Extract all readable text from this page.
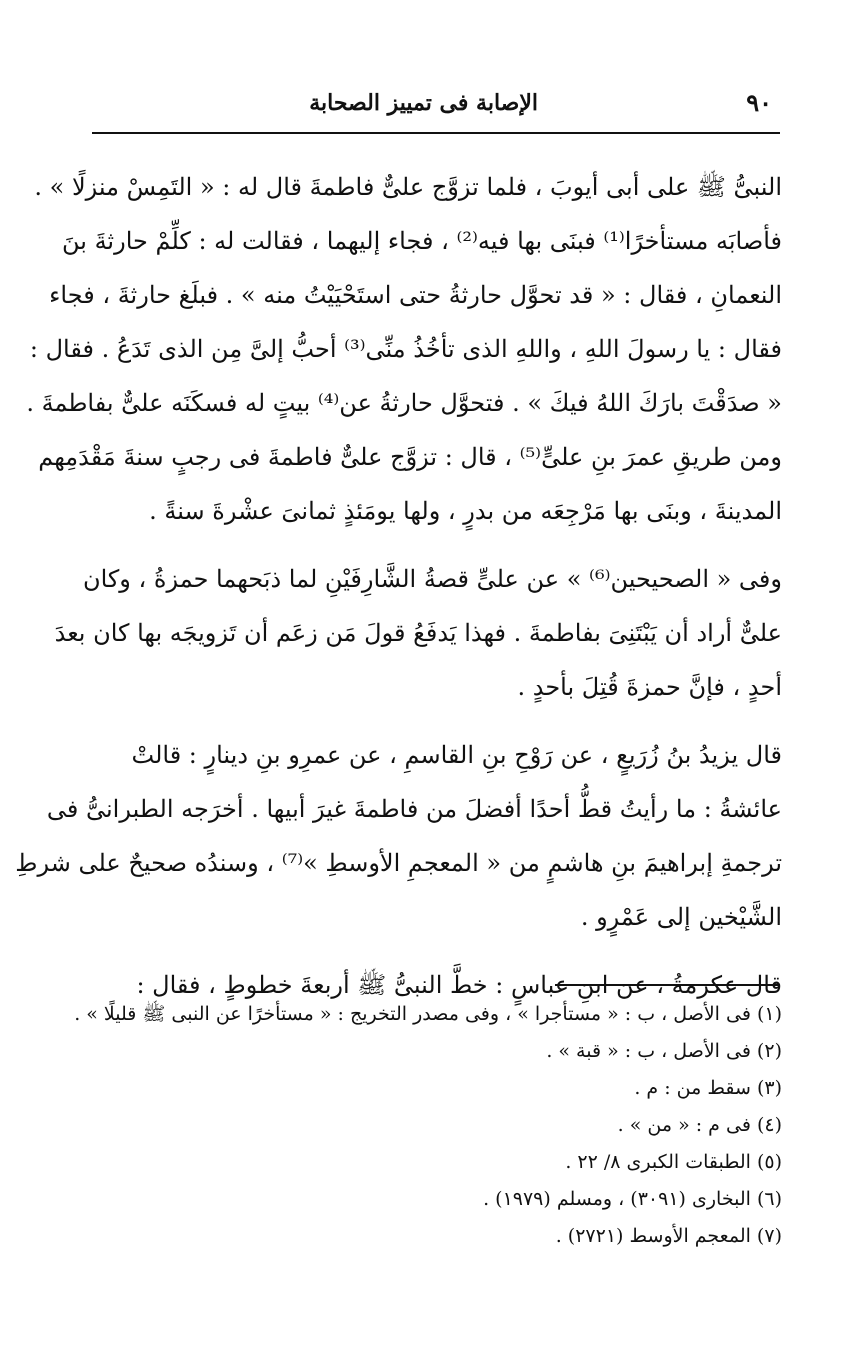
٩٠
الإصابة فى تمييز الصحابة
النبىُّ ﷺ على أبى أيوبَ ، فلما تزوَّج علىٌّ فاطمةَ قال له : « التَمِسْ منزلًا » .
فأصابَه مستأخرًا⁽¹⁾ فبنَى بها فيه⁽²⁾ ، فجاء إليهما ، فقالت له : كلِّمْ حارثةَ بنَ
النعمانِ ، فقال : « قد تحوَّل حارثةُ حتى استَحْيَيْتُ منه » . فبلَغ حارثةَ ، فجاء
فقال : يا رسولَ اللهِ ، واللهِ الذى تأخُذُ منِّى⁽³⁾ أحبُّ إلىَّ مِن الذى تَدَعُ . فقال :
« صدَقْتَ بارَكَ اللهُ فيكَ » . فتحوَّل حارثةُ عن⁽⁴⁾ بيتٍ له فسكَنَه علىٌّ بفاطمةَ .
ومن طريقِ عمرَ بنِ علىٍّ⁽⁵⁾ ، قال : تزوَّج علىٌّ فاطمةَ فى رجبٍ سنةَ مَقْدَمِهم
المدينةَ ، وبنَى بها مَرْجِعَه من بدرٍ ، ولها يومَئذٍ ثمانىَ عشْرةَ سنةً .
وفى « الصحيحين⁽⁶⁾ » عن علىٍّ قصةُ الشَّارِفَيْنِ لما ذبَحهما حمزةُ ، وكان
علىٌّ أراد أن يَبْتَنِىَ بفاطمةَ . فهذا يَدفَعُ قولَ مَن زعَم أن تَزويجَه بها كان بعدَ
أحدٍ ، فإنَّ حمزةَ قُتِلَ بأحدٍ .
قال يزيدُ بنُ زُرَيعٍ ، عن رَوْحِ بنِ القاسمِ ، عن عمرِو بنِ دينارٍ : قالتْ
عائشةُ : ما رأيتُ قطُّ أحدًا أفضلَ من فاطمةَ غيرَ أبيها . أخرَجه الطبرانىُّ فى
ترجمةِ إبراهيمَ بنِ هاشمٍ من « المعجمِ الأوسطِ »⁽⁷⁾ ، وسندُه صحيحٌ على شرطِ
الشَّيْخين إلى عَمْرٍو .
قال عكرمةُ ، عن ابنِ عباسٍ : خطَّ النبىُّ ﷺ أربعةَ خطوطٍ ، فقال :
(١) فى الأصل ، ب : « مستأجرا » ، وفى مصدر التخريج : « مستأخرًا عن النبى ﷺ قليلًا » .
(٢) فى الأصل ، ب : « قبة » .
(٣) سقط من : م .
(٤) فى م : « من » .
(٥) الطبقات الكبرى ٨/ ٢٢ .
(٦) البخارى (٣٠٩١) ، ومسلم (١٩٧٩) .
(٧) المعجم الأوسط (٢٧٢١) .
